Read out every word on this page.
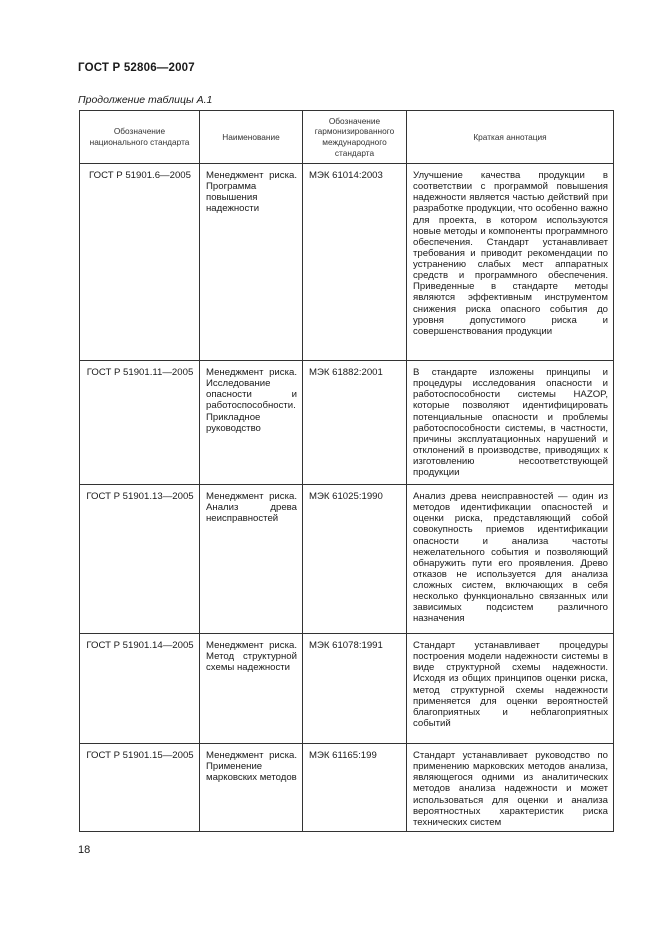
ГОСТ Р 52806—2007
Продолжение таблицы А.1
Обозначение национального стандарта	Наименование	Обозначение гармонизированного международного стандарта	Краткая аннотация
ГОСТ Р 51901.6—2005	Менеджмент риска. Программа повышения надежности	МЭК 61014:2003	Улучшение качества продукции в соответствии с программой повышения надежности является частью действий при разработке продукции, что особенно важно для проекта, в котором используются новые методы и компоненты программного обеспечения. Стандарт устанавливает требования и приводит рекомендации по устранению слабых мест аппаратных средств и программного обеспечения. Приведенные в стандарте методы являются эффективным инструментом снижения риска опасного события до уровня допустимого риска и совершенствования продукции
ГОСТ Р 51901.11—2005	Менеджмент риска. Исследование опасности и работоспособности. Прикладное руководство	МЭК 61882:2001	В стандарте изложены принципы и процедуры исследования опасности и работоспособности системы HAZOP, которые позволяют идентифицировать потенциальные опасности и проблемы работоспособности системы, в частности, причины эксплуатационных нарушений и отклонений в производстве, приводящих к изготовлению несоответствующей продукции
ГОСТ Р 51901.13—2005	Менеджмент риска. Анализ древа неисправностей	МЭК 61025:1990	Анализ древа неисправностей — один из методов идентификации опасностей и оценки риска, представляющий собой совокупность приемов идентификации опасности и анализа частоты нежелательного события и позволяющий обнаружить пути его проявления. Древо отказов не используется для анализа сложных систем, включающих в себя несколько функционально связанных или зависимых подсистем различного назначения
ГОСТ Р 51901.14—2005	Менеджмент риска. Метод структурной схемы надежности	МЭК 61078:1991	Стандарт устанавливает процедуры построения модели надежности системы в виде структурной схемы надежности. Исходя из общих принципов оценки риска, метод структурной схемы надежности применяется для оценки вероятностей благоприятных и неблагоприятных событий
ГОСТ Р 51901.15—2005	Менеджмент риска. Применение марковских методов	МЭК 61165:199	Стандарт устанавливает руководство по применению марковских методов анализа, являющегося одними из аналитических методов анализа надежности и может использоваться для оценки и анализа вероятностных характеристик риска технических систем
18
